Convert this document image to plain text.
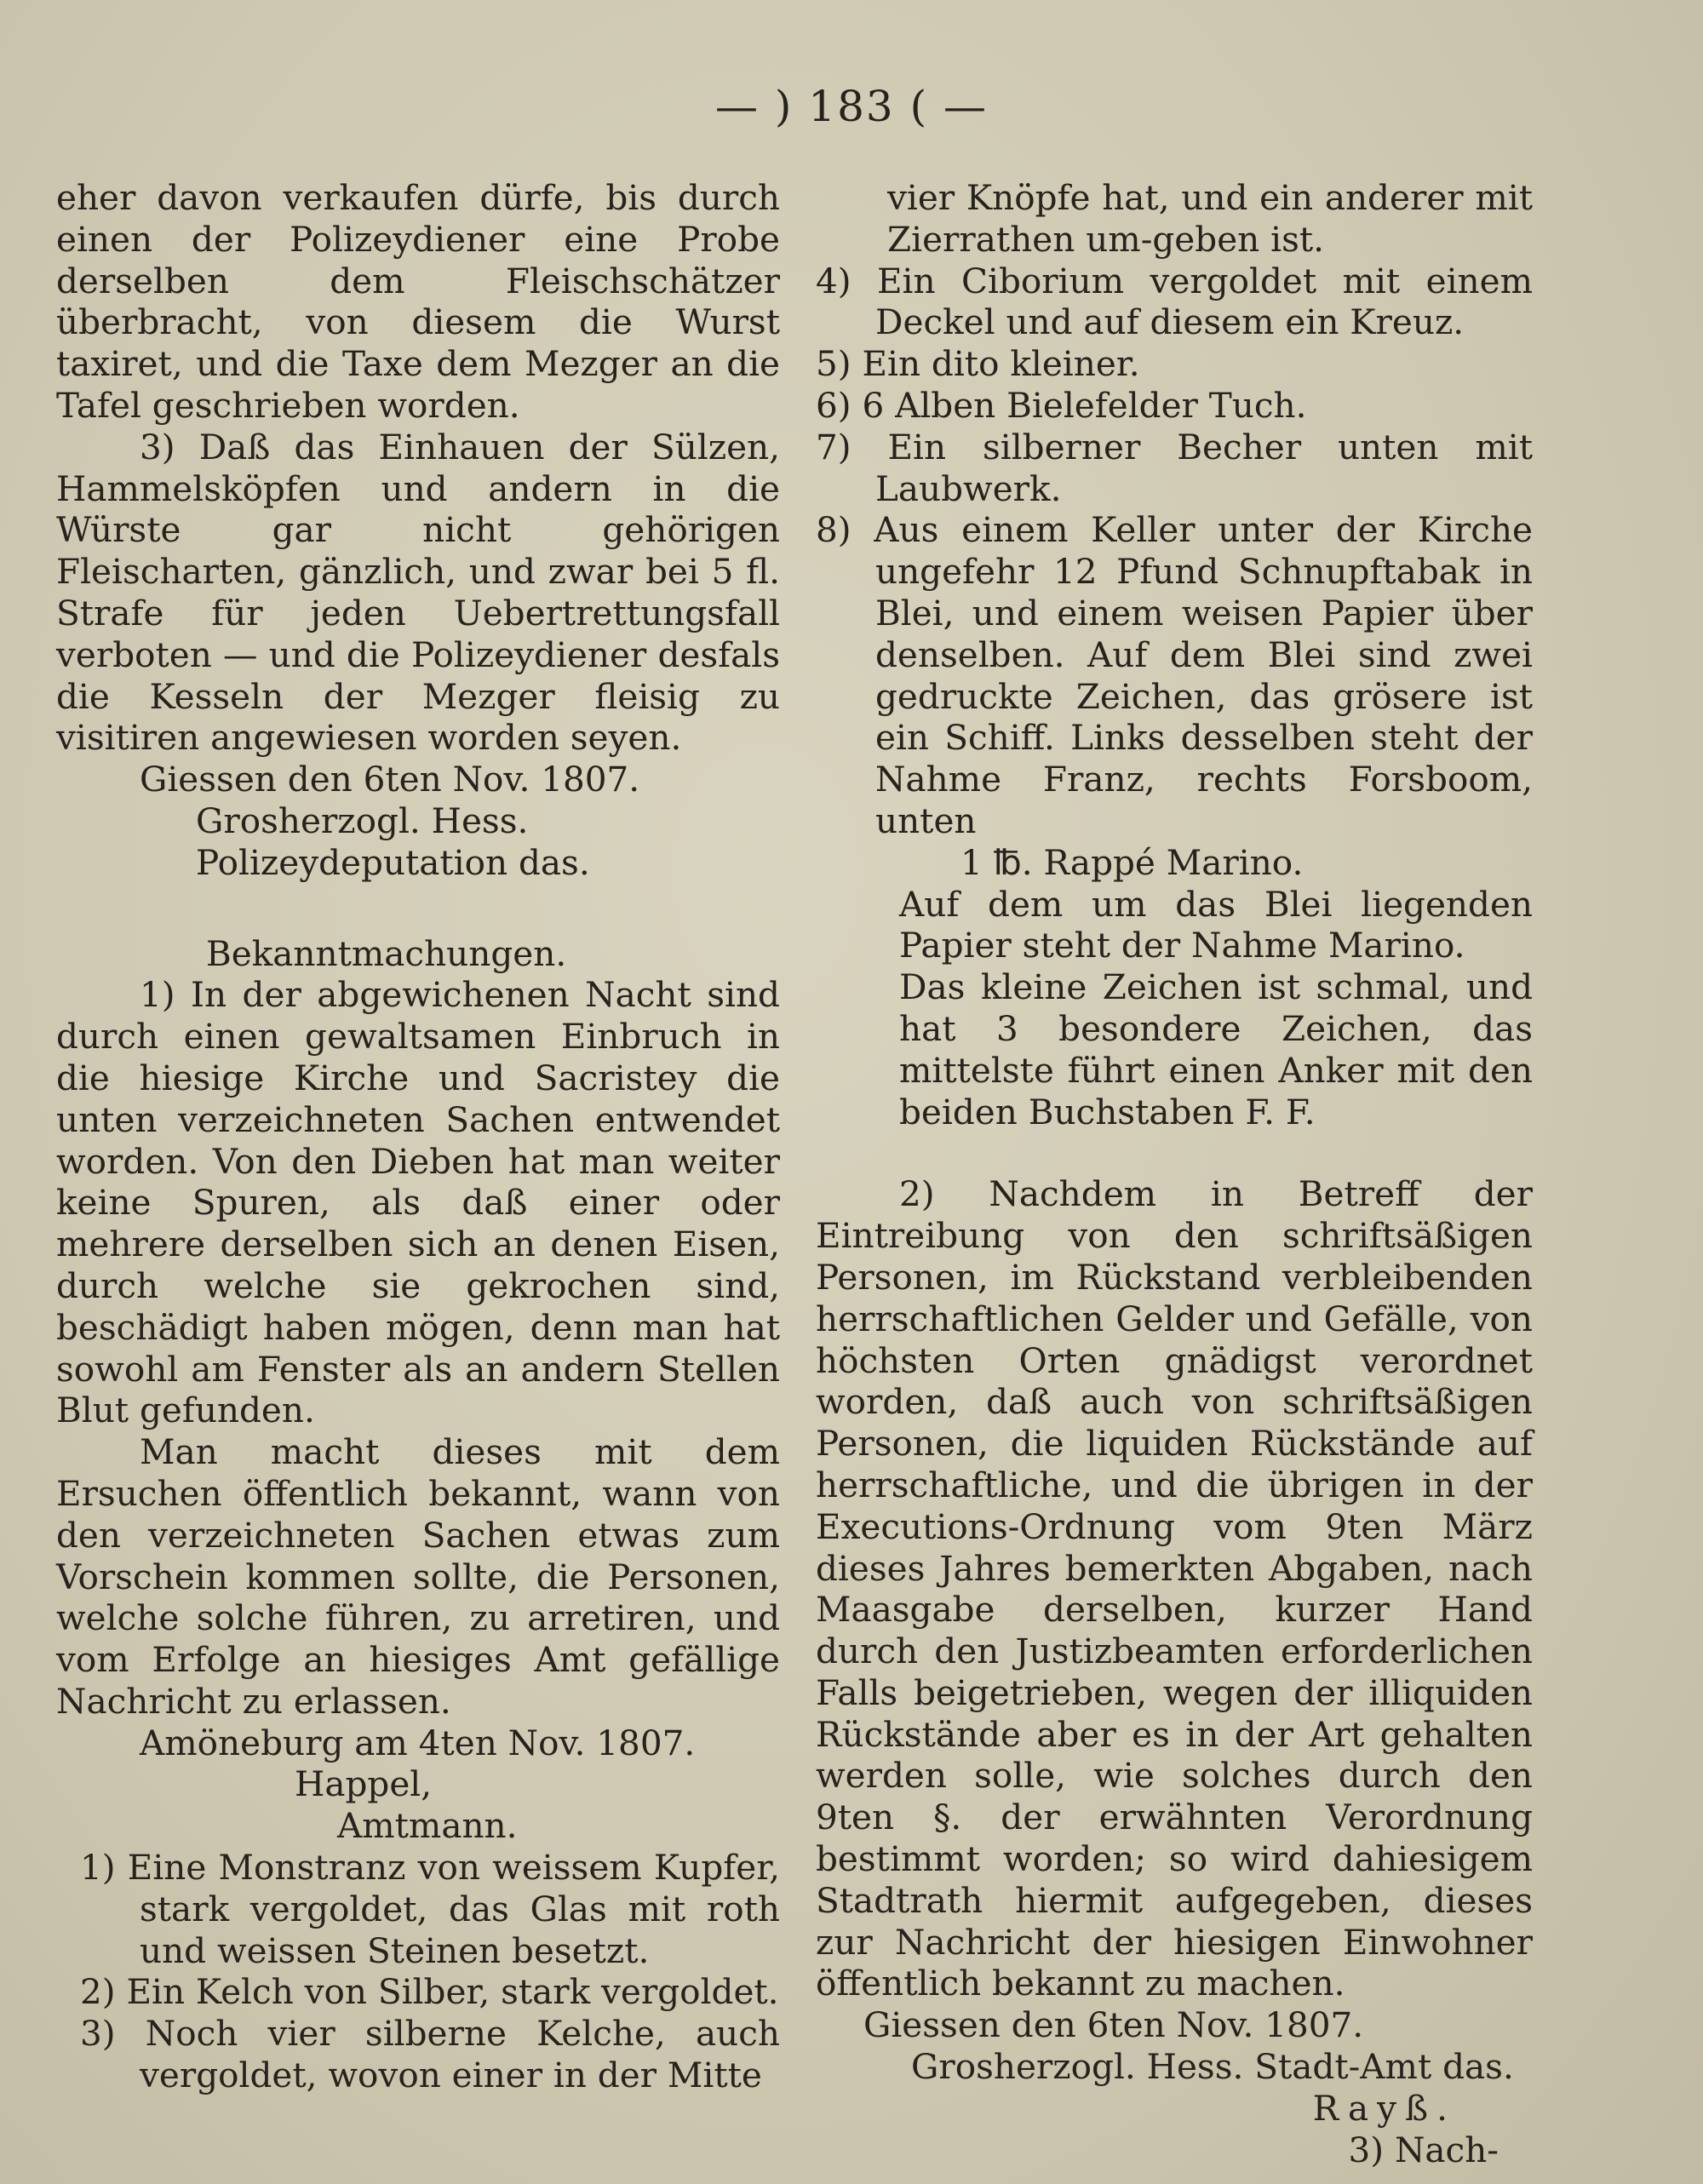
— ) 183 ( —

eher davon verkaufen dürfe, bis durch einen der Polizeydiener eine Probe derselben dem Fleischschätzer überbracht, von diesem die Wurst taxiret, und die Taxe dem Mezger an die Tafel geschrieben worden.

3) Daß das Einhauen der Sülzen, Hammelsköpfen und andern in die Würste gar nicht gehörigen Fleischarten, gänzlich, und zwar bei 5 fl. Strafe für jeden Uebertrettungsfall verboten — und die Polizeydiener desfals die Kesseln der Mezger fleisig zu visitiren angewiesen worden seyen.

Giessen den 6ten Nov. 1807.

Grosherzogl. Hess. Polizeydeputation das.

Bekanntmachungen.

1) In der abgewichenen Nacht sind durch einen gewaltsamen Einbruch in die hiesige Kirche und Sacristey die unten verzeichneten Sachen entwendet worden. Von den Dieben hat man weiter keine Spuren, als daß einer oder mehrere derselben sich an denen Eisen, durch welche sie gekrochen sind, beschädigt haben mögen, denn man hat sowohl am Fenster als an andern Stellen Blut gefunden.

Man macht dieses mit dem Ersuchen öffentlich bekannt, wann von den verzeichneten Sachen etwas zum Vorschein kommen sollte, die Personen, welche solche führen, zu arretiren, und vom Erfolge an hiesiges Amt gefällige Nachricht zu erlassen.

Amöneburg am 4ten Nov. 1807.

Happel,

Amtmann.

1) Eine Monstranz von weissem Kupfer, stark vergoldet, das Glas mit roth und weissen Steinen besetzt.

2) Ein Kelch von Silber, stark vergoldet.

3) Noch vier silberne Kelche, auch vergoldet, wovon einer in der Mitte

vier Knöpfe hat, und ein anderer mit Zierrathen um-geben ist.

4) Ein Ciborium vergoldet mit einem Deckel und auf diesem ein Kreuz.

5) Ein dito kleiner.

6) 6 Alben Bielefelder Tuch.

7) Ein silberner Becher unten mit Laubwerk.

8) Aus einem Keller unter der Kirche ungefehr 12 Pfund Schnupftabak in Blei, und einem weisen Papier über denselben. Auf dem Blei sind zwei gedruckte Zeichen, das grösere ist ein Schiff. Links desselben steht der Nahme Franz, rechts Forsboom, unten

1 ℔. Rappé Marino.

Auf dem um das Blei liegenden Papier steht der Nahme Marino.

Das kleine Zeichen ist schmal, und hat 3 besondere Zeichen, das mittelste führt einen Anker mit den beiden Buchstaben F. F.

2) Nachdem in Betreff der Eintreibung von den schriftsäßigen Personen, im Rückstand verbleibenden herrschaftlichen Gelder und Gefälle, von höchsten Orten gnädigst verordnet worden, daß auch von schriftsäßigen Personen, die liquiden Rückstände auf herrschaftliche, und die übrigen in der Executions-Ordnung vom 9ten März dieses Jahres bemerkten Abgaben, nach Maasgabe derselben, kurzer Hand durch den Justizbeamten erforderlichen Falls beigetrieben, wegen der illiquiden Rückstände aber es in der Art gehalten werden solle, wie solches durch den 9ten §. der erwähnten Verordnung bestimmt worden; so wird dahiesigem Stadtrath hiermit aufgegeben, dieses zur Nachricht der hiesigen Einwohner öffentlich bekannt zu machen.

Giessen den 6ten Nov. 1807.

Grosherzogl. Hess. Stadt-Amt das.

Rayß.

3) Nach-
